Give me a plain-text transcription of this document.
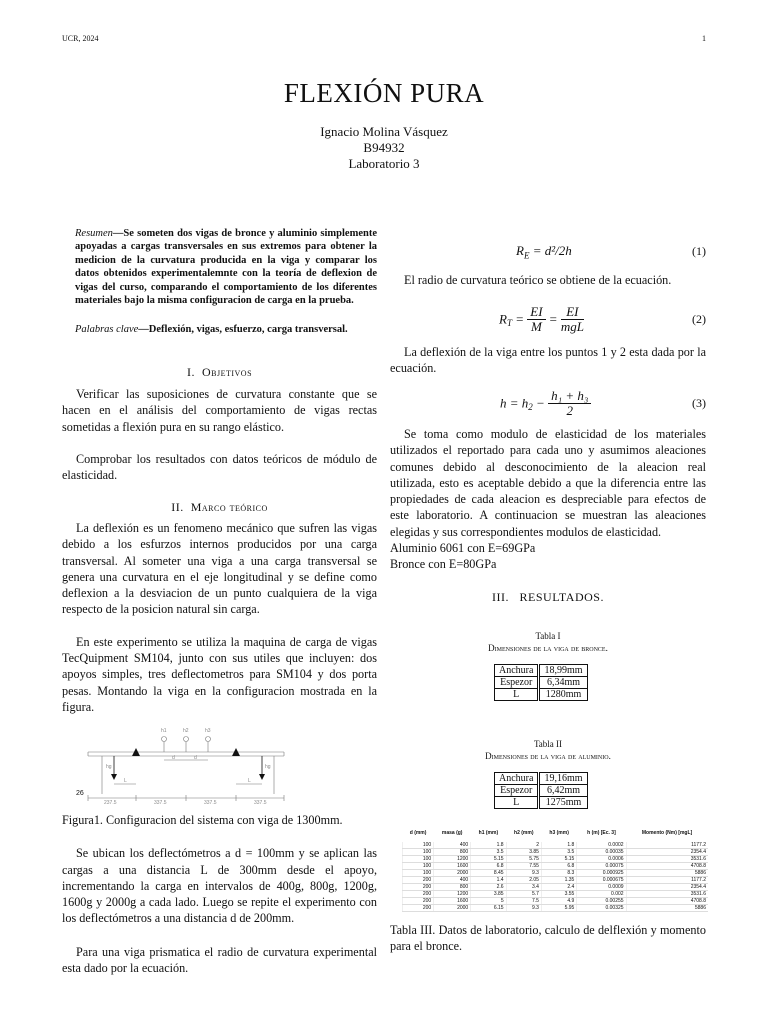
UCR, 2024	1
FLEXIÓN PURA
Ignacio Molina Vásquez
B94932
Laboratorio 3
Resumen—Se someten dos vigas de bronce y aluminio simplemente apoyadas a cargas transversales en sus extremos para obtener la medicion de la curvatura producida en la viga y comparar los datos obtenidos experimentalemnte con la teoría de deflexion de vigas del curso, comparando el comportamiento de los diferentes materiales bajo la misma configuracion de carga en la prueba.
Palabras clave—Deflexión, vigas, esfuerzo, carga transversal.
I. Objetivos

Verificar las suposiciones de curvatura constante que se hacen en el análisis del comportamiento de vigas rectas sometidas a flexión pura en su rango elástico.

Comprobar los resultados con datos teóricos de módulo de elasticidad.

II. Marco teórico

La deflexión es un fenomeno mecánico que sufren las vigas debido a los esfurzos internos producidos por una carga transversal. Al someter una viga a una carga transversal se genera una curvatura en el eje longitudinal y se define como deflexion a la desviacion de un punto cualquiera de la viga respecto de la posicion natural sin carga.

En este experimento se utiliza la maquina de carga de vigas TecQuipment SM104, junto con sus utiles que incluyen: dos apoyos simples, tres deflectometros para SM104 y dos porta pesas. Montando la viga en la configuracion mostrada en la figura.

h1	h2	h3
d	d
hg	hg
L	L
26
237.5	337.5	337.5	337.5

Figura1. Configuracion del sistema con viga de 1300mm.

Se ubican los deflectómetros a d = 100mm y se aplican las cargas a una distancia L de 300mm desde el apoyo, incrementando la carga en intervalos de 400g, 800g, 1200g, 1600g y 2000g a cada lado. Luego se repite el experimento con los deflectómetros a una distancia d de 200mm.

Para una viga prismatica el radio de curvatura experimental esta dado por la ecuación.

$R_E = d^2/2h$	(1)

El radio de curvatura teórico se obtiene de la ecuación.

$R_T = \frac{EI}{M} = \frac{EI}{\text{mgL}}$	(2)

La deflexión de la viga entre los puntos 1 y 2 esta dada por la ecuación.

$h = h_2 - \frac{\text{h₁ + h₃}}{2}$	(3)

Se toma como modulo de elasticidad de los materiales utilizados el reportado para cada uno y asumimos aleaciones comunes debido al desconocimiento de la aleacion real utilizada, esto es aceptable debido a que la diferencia entre las propiedades de cada aleacion es despreciable para efectos de este laboratorio. A continuacion se muestran las aleaciones elegidas y sus correspondientes modulos de elasticidad.

Aluminio 6061 con E=69GPa

Bronce con E=80GPa

III. RESULTADOS.
Tabla I
Dimensiones de la viga de bronce.
Anchura	18,99mm
Espezor	6,34mm
L	1280mm
Tabla II
Dimensiones de la viga de aluminio.
Anchura	19,16mm
Espezor	6,42mm
L	1275mm
d (mm)	masa (g)	h1 (mm)	h2 (mm)	h3 (mm)	h (m) [Ec. 3]	Momento (Nm) [mgL]
100	400	1.8	2	1.8	0.0002	1177.2
100	800	3.5	3.85	3.5	0.00035	2354.4
100	1200	5.15	5.75	5.15	0.0006	3531.6
100	1600	6.8	7.55	6.8	0.00075	4708.8
100	2000	8.45	9.3	8.3	0.000925	5886
200	400	1.4	2.05	1.35	0.000675	1177.2
200	800	2.6	3.4	2.4	0.0009	2354.4
200	1200	3.85	5.7	3.55	0.002	3531.6
200	1600	5	7.5	4.9	0.00255	4708.8
200	2000	6.15	9.3	5.95	0.00325	5886

Tabla III. Datos de laboratorio, calculo de delflexión y momento para el bronce.
